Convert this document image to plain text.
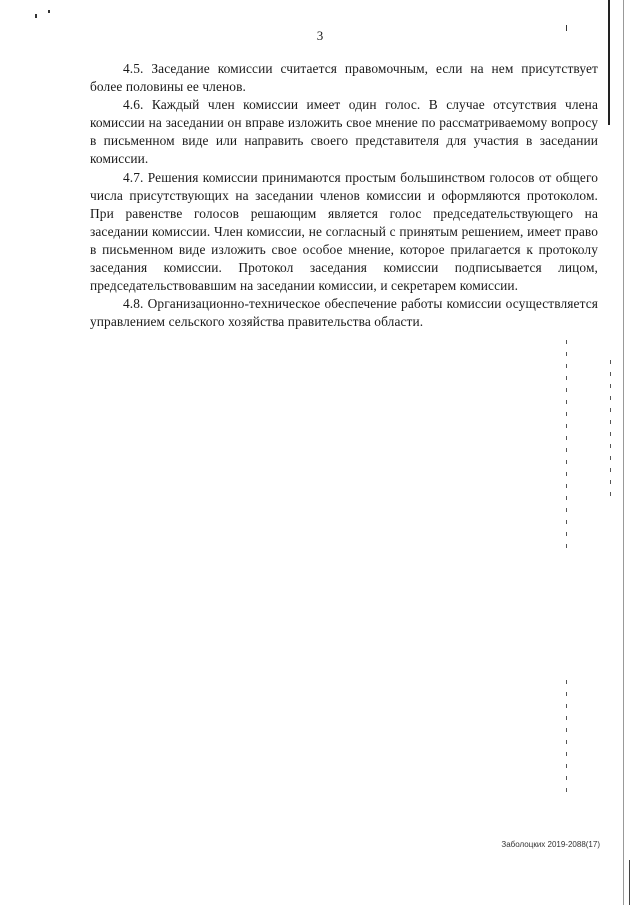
3

4.5. Заседание комиссии считается правомочным, если на нем присутствует более половины ее членов.

4.6. Каждый член комиссии имеет один голос. В случае отсутствия члена комиссии на заседании он вправе изложить свое мнение по рассматриваемому вопросу в письменном виде или направить своего представителя для участия в заседании комиссии.

4.7. Решения комиссии принимаются простым большинством голосов от общего числа присутствующих на заседании членов комиссии и оформляются протоколом. При равенстве голосов решающим является голос председательствующего на заседании комиссии. Член комиссии, не согласный с принятым решением, имеет право в письменном виде изложить свое особое мнение, которое прилагается к протоколу заседания комиссии. Протокол заседания комиссии подписывается лицом, председательствовавшим на заседании комиссии, и секретарем комиссии.

4.8. Организационно-техническое обеспечение работы комиссии осуществляется управлением сельского хозяйства правительства области.

Заболоцких 2019-2088(17)
